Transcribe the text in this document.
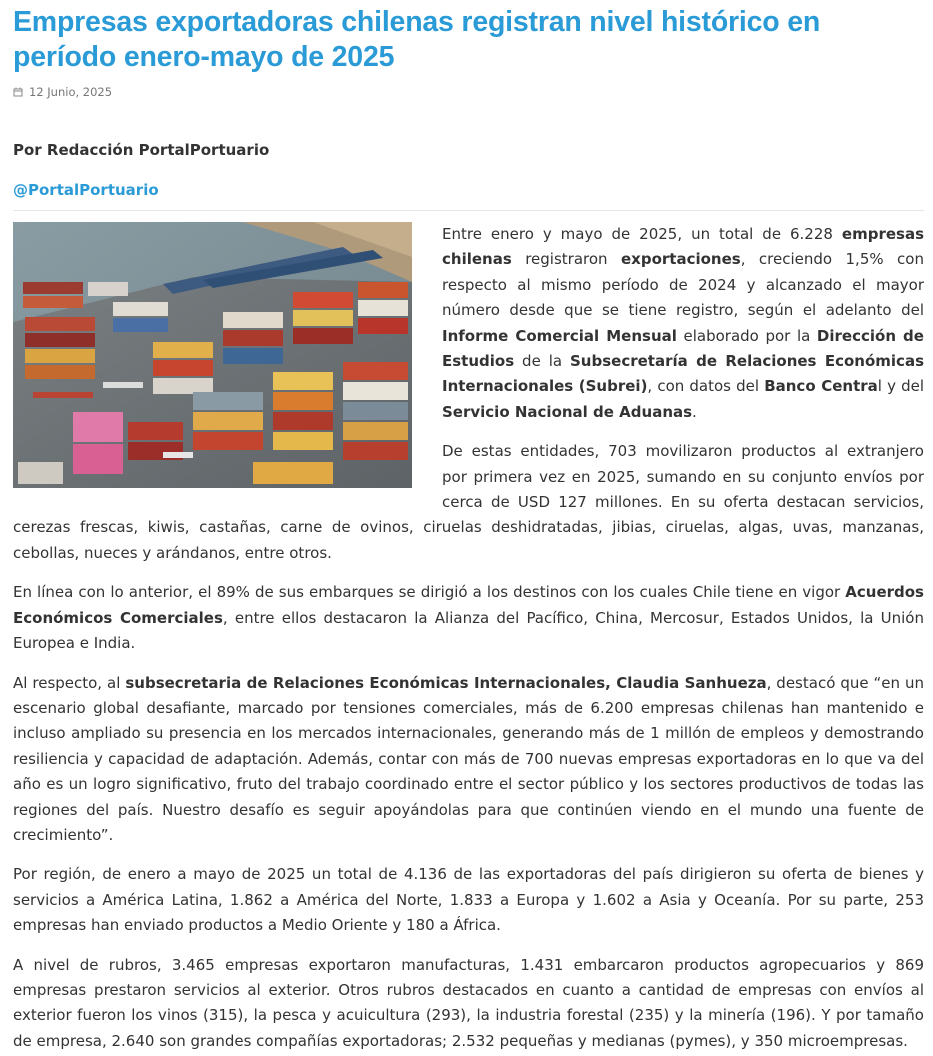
Empresas exportadoras chilenas registran nivel histórico en período enero-mayo de 2025
12 Junio, 2025
Por Redacción PortalPortuario
@PortalPortuario

Entre enero y mayo de 2025, un total de 6.228 empresas chilenas registraron exportaciones, creciendo 1,5% con respecto al mismo período de 2024 y alcanzado el mayor número desde que se tiene registro, según el adelanto del Informe Comercial Mensual elaborado por la Dirección de Estudios de la Subsecretaría de Relaciones Económicas Internacionales (Subrei), con datos del Banco Central y del Servicio Nacional de Aduanas.

De estas entidades, 703 movilizaron productos al extranjero por primera vez en 2025, sumando en su conjunto envíos por cerca de USD 127 millones. En su oferta destacan servicios, cerezas frescas, kiwis, castañas, carne de ovinos, ciruelas deshidratadas, jibias, ciruelas, algas, uvas, manzanas, cebollas, nueces y arándanos, entre otros.

En línea con lo anterior, el 89% de sus embarques se dirigió a los destinos con los cuales Chile tiene en vigor Acuerdos Económicos Comerciales, entre ellos destacaron la Alianza del Pacífico, China, Mercosur, Estados Unidos, la Unión Europea e India.

Al respecto, al subsecretaria de Relaciones Económicas Internacionales, Claudia Sanhueza, destacó que “en un escenario global desafiante, marcado por tensiones comerciales, más de 6.200 empresas chilenas han mantenido e incluso ampliado su presencia en los mercados internacionales, generando más de 1 millón de empleos y demostrando resiliencia y capacidad de adaptación. Además, contar con más de 700 nuevas empresas exportadoras en lo que va del año es un logro significativo, fruto del trabajo coordinado entre el sector público y los sectores productivos de todas las regiones del país. Nuestro desafío es seguir apoyándolas para que continúen viendo en el mundo una fuente de crecimiento”.

Por región, de enero a mayo de 2025 un total de 4.136 de las exportadoras del país dirigieron su oferta de bienes y servicios a América Latina, 1.862 a América del Norte, 1.833 a Europa y 1.602 a Asia y Oceanía. Por su parte, 253 empresas han enviado productos a Medio Oriente y 180 a África.

A nivel de rubros, 3.465 empresas exportaron manufacturas, 1.431 embarcaron productos agropecuarios y 869 empresas prestaron servicios al exterior. Otros rubros destacados en cuanto a cantidad de empresas con envíos al exterior fueron los vinos (315), la pesca y acuicultura (293), la industria forestal (235) y la minería (196). Y por tamaño de empresa, 2.640 son grandes compañías exportadoras; 2.532 pequeñas y medianas (pymes), y 350 microempresas.
